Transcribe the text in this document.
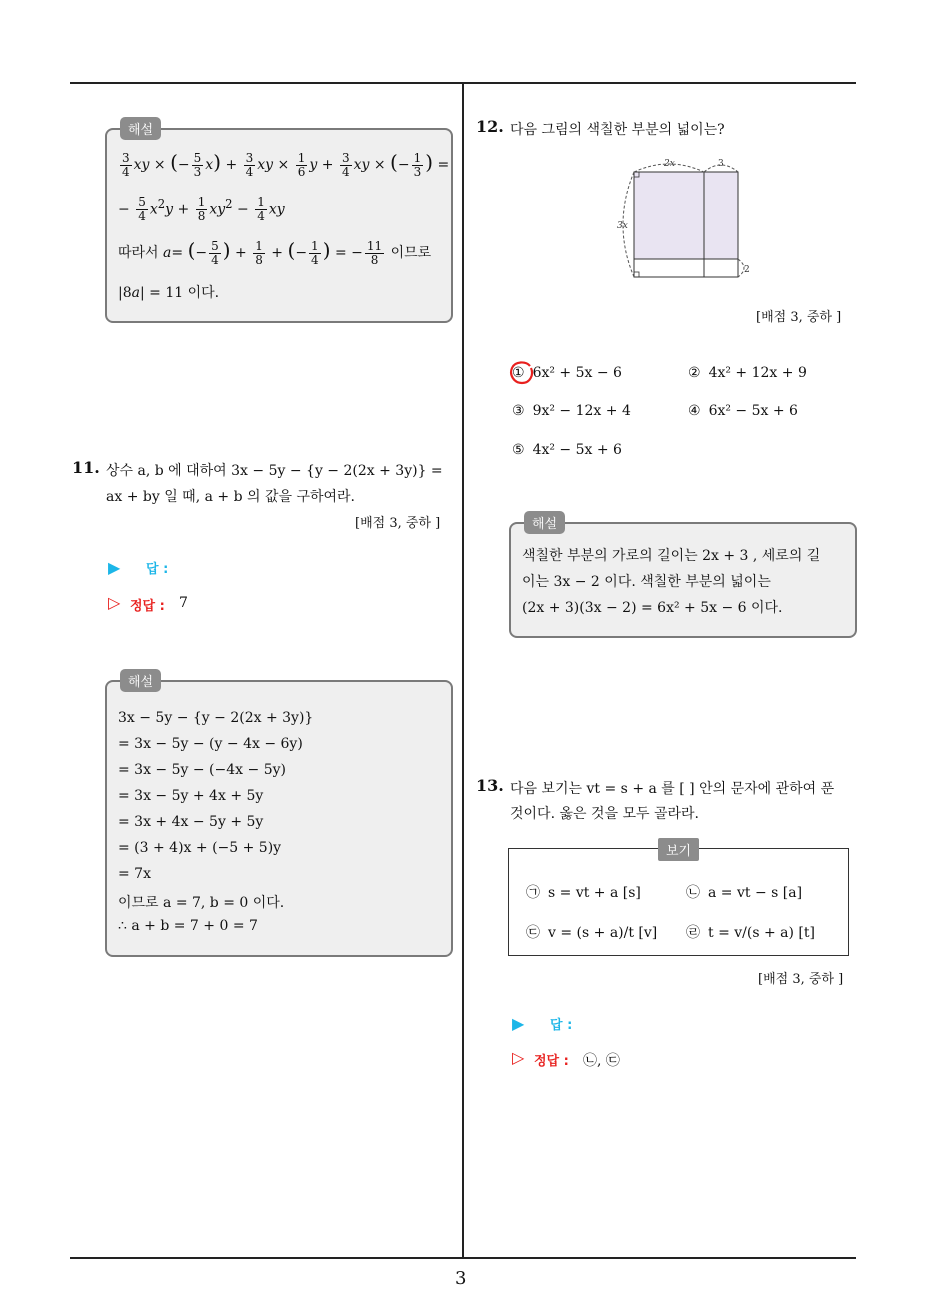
3
해설
$\frac{3}{4}$ xy × (− $\frac{5}{3} x) + \frac{3}{4}$ xy × $\frac{1}{6}$ $y + \frac{3}{4}$ xy × (− $\frac{1}{3}$ ) =
− $\frac{5}{4} x^2y + \frac{1}{8} xy^2 - \frac{1}{4}$ xy
따라서 a= (− $\frac{5}{4}$ ) + $\frac{1}{8}$ + (− $\frac{1}{4}$ ) = − $\frac{11}{8}$ 이므로
|8a| = 11 이다.
11. 상수 a, b 에 대하여 3x − 5y − {y − 2(2x + 3y)} =
ax + by 일 때, a + b 의 값을 구하여라.
[배점 3, 중하 ]
▶ 답 :
▷ 정답 : 7
해설
3x − 5y − {y − 2(2x + 3y)}
= 3x − 5y − (y − 4x − 6y)
= 3x − 5y − (−4x − 5y)
= 3x − 5y + 4x + 5y
= 3x + 4x − 5y + 5y
= (3 + 4)x + (−5 + 5)y
= 7x
이므로 a = 7, b = 0 이다.
∴ a + b = 7 + 0 = 7
12. 다음 그림의 색칠한 부분의 넓이는?
2x	3
3x
2
[배점 3, 중하 ]
① 6x² + 5x − 6	② 4x² + 12x + 9
③ 9x² − 12x + 4	④ 6x² − 5x + 6
⑤ 4x² − 5x + 6
해설
색칠한 부분의 가로의 길이는 2x + 3 , 세로의 길
이는 3x − 2 이다. 색칠한 부분의 넓이는
(2x + 3)(3x − 2) = 6x² + 5x − 6 이다.
13. 다음 보기는 vt = s + a 를 [ ] 안의 문자에 관하여 푼
것이다. 옳은 것을 모두 골라라.
보기
㉠ s = vt + a [s]	㉡ a = vt − s [a]
㉢ v = (s + a)/t [v] ㉣ t = v/(s + a) [t]
[배점 3, 중하 ]
▶ 답 :
▷ 정답 : ㉡, ㉢
